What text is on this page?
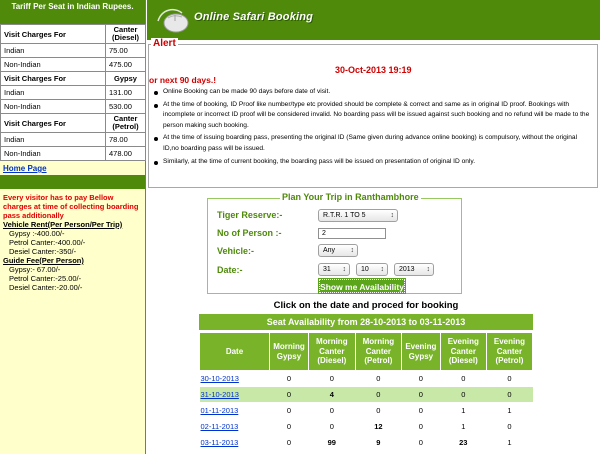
Tariff Per Seat in Indian Rupees.
Visit Charges For	Canter (Diesel)
Indian	75.00
Non-Indian	475.00
Visit Charges For	Gypsy
Indian	131.00
Non-Indian	530.00
Visit Charges For	Canter (Petrol)
Indian	78.00
Non-Indian	478.00
Home Page
Every visitor has to pay Bellow charges at time of collecting boarding pass additionally
Vehicle Rent(Per Person/Per Trip)
Gypsy :-400.00/-
Petrol Canter:-400.00/-
Desiel Canter:-350/-
Guide Fee(Per Person)
Gypsy:- 67.00/-
Petrol Canter:-25.00/-
Desiel Canter:-20.00/-
Online Safari Booking
Alert
30-Oct-2013 19:19
or next 90 days.!
Online Booking can be made 90 days before date of visit.
At the time of booking, ID Proof like number/type etc provided should be complete & correct and same as in original ID proof. Bookings with incomplete or incorrect ID proof will be considered invalid. No boarding pass will be issued against such booking and no refund will be made to the person making such booking.
At the time of issuing boarding pass, presenting the original ID (Same given during advance online booking) is compulsory, without the original ID,no boarding pass will be issued.
Similarly, at the time of current booking, the boarding pass will be issued on presentation of original ID only.
Plan Your Trip in Ranthambhore
Tiger Reserve:-	R.T.R. 1 TO 5	↕
No of Person :-	2
Vehicle:-	Any ↕
Date:-	31 ↕	10 ↕	2013 ↕
Show me Availability
Click on the date and proced for booking
Seat Availability from 28-10-2013 to 03-11-2013
Date	Morning Gypsy	Morning Canter (Diesel)	Morning Canter (Petrol)	Evening Gypsy	Evening Canter (Diesel)	Evening Canter (Petrol)
30-10-2013	0	0	0	0	0	0
31-10-2013	0	4	0	0	0	0
01-11-2013	0	0	0	0	1	1
02-11-2013	0	0	12	0	1	0
03-11-2013	0	99	9	0	23	1
